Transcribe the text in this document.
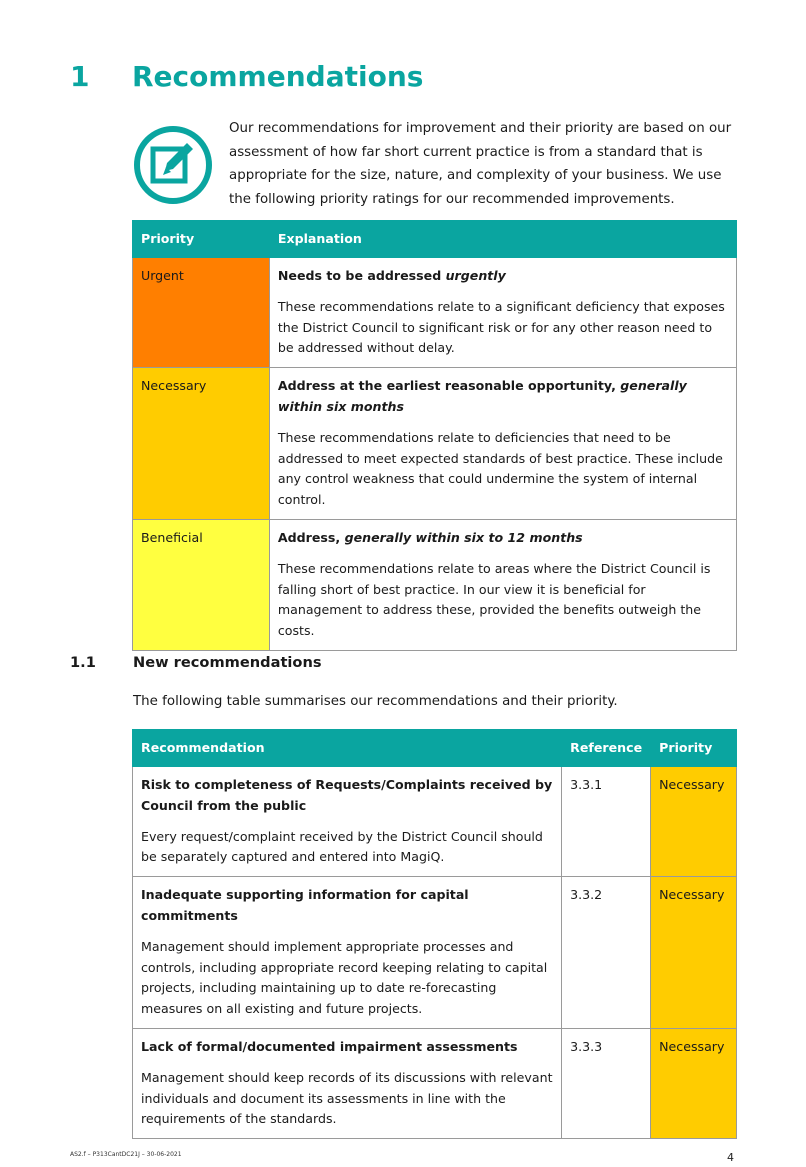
1 Recommendations
Our recommendations for improvement and their priority are based on our assessment of how far short current practice is from a standard that is appropriate for the size, nature, and complexity of your business. We use the following priority ratings for our recommended improvements.
Priority	Explanation
Urgent	Needs to be addressed urgently

These recommendations relate to a significant deficiency that exposes the District Council to significant risk or for any other reason need to be addressed without delay.

Necessary	Address at the earliest reasonable opportunity, generally within six months

These recommendations relate to deficiencies that need to be addressed to meet expected standards of best practice. These include any control weakness that could undermine the system of internal control.

Beneficial	Address, generally within six to 12 months

These recommendations relate to areas where the District Council is falling short of best practice. In our view it is beneficial for management to address these, provided the benefits outweigh the costs.

1.1	New recommendations
The following table summarises our recommendations and their priority.
Recommendation	Reference	Priority

Risk to completeness of Requests/Complaints received by Council from the public

Every request/complaint received by the District Council should be separately captured and entered into MagiQ.	3.3.1	Necessary

Inadequate supporting information for capital commitments

Management should implement appropriate processes and controls, including appropriate record keeping relating to capital projects, including maintaining up to date re-forecasting measures on all existing and future projects.	3.3.2	Necessary

Lack of formal/documented impairment assessments

Management should keep records of its discussions with relevant individuals and document its assessments in line with the requirements of the standards.	3.3.3	Necessary
AS2.f – P313CantDC21J – 30-06-2021	4
